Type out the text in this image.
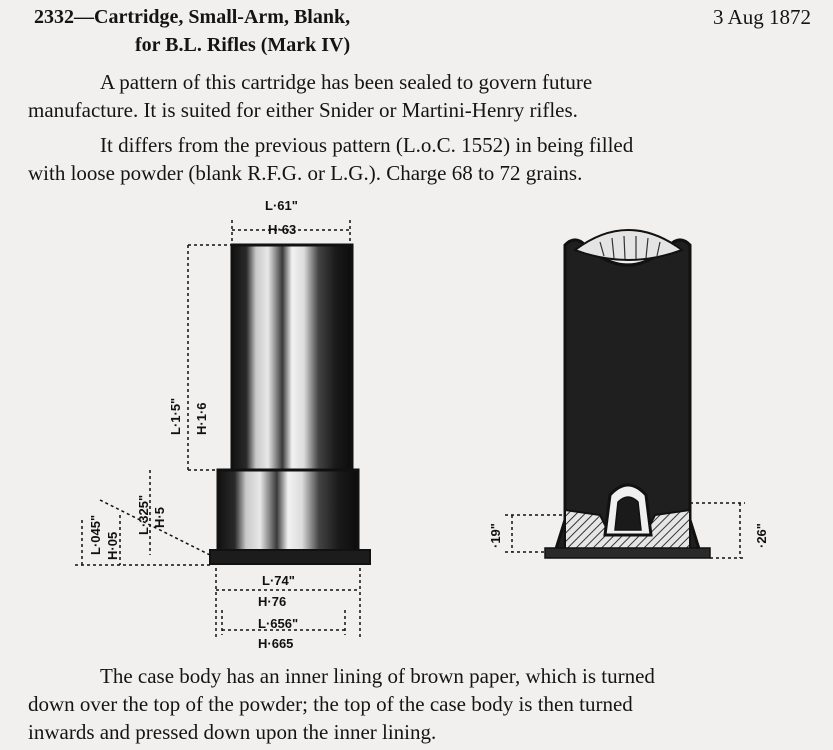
2332—Cartridge, Small-Arm, Blank,
for B.L. Rifles (Mark IV)
3 Aug 1872
A pattern of this cartridge has been sealed to govern future
manufacture. It is suited for either Snider or Martini-Henry rifles.
It differs from the previous pattern (L.o.C. 1552) in being filled
with loose powder (blank R.F.G. or L.G.). Charge 68 to 72 grains.
L·61"
H·63
L·1·5" H·1·6
L·045" H·05
L·325" H·5
L·74"
H·76
L·656"
H·665
·19"	·26"
The case body has an inner lining of brown paper, which is turned
down over the top of the powder; the top of the case body is then turned
inwards and pressed down upon the inner lining.
